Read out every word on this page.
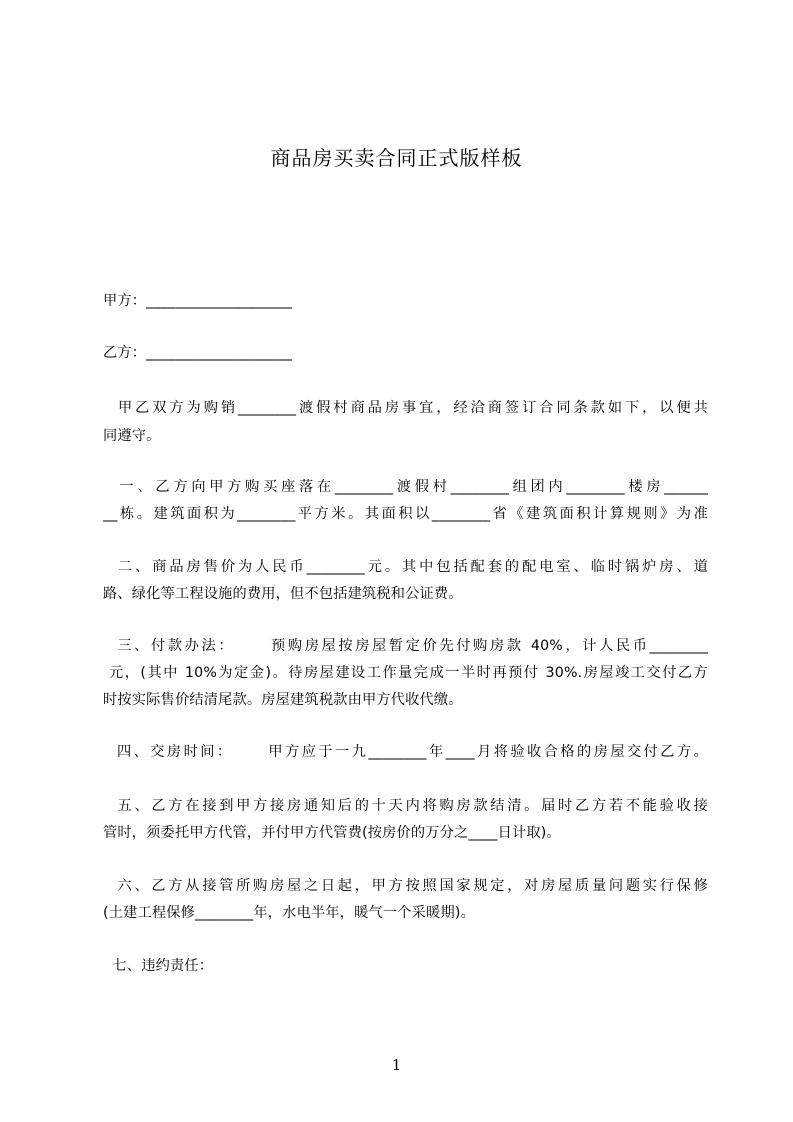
商品房买卖合同正式版样板
甲方：____________________
乙方：____________________
甲乙双方为购销________渡假村商品房事宜，经洽商签订合同条款如下，以便共
同遵守。
一、乙方向甲方购买座落在________渡假村________组团内________楼房______
__栋。建筑面积为________平方米。其面积以________省《建筑面积计算规则》为准
二、商品房售价为人民币________元。其中包括配套的配电室、临时锅炉房、道
路、绿化等工程设施的费用，但不包括建筑税和公证费。
三、付款办法：     预购房屋按房屋暂定价先付购房款 40%，计人民币________
元，(其中 10%为定金)。待房屋建设工作量完成一半时再预付 30%.房屋竣工交付乙方
时按实际售价结清尾款。房屋建筑税款由甲方代收代缴。
四、交房时间：     甲方应于一九________年____月将验收合格的房屋交付乙方。
五、乙方在接到甲方接房通知后的十天内将购房款结清。届时乙方若不能验收接
管时，须委托甲方代管，并付甲方代管费(按房价的万分之____日计取)。
六、乙方从接管所购房屋之日起，甲方按照国家规定，对房屋质量问题实行保修
(土建工程保修________年，水电半年，暖气一个采暖期)。
七、违约责任：
1
